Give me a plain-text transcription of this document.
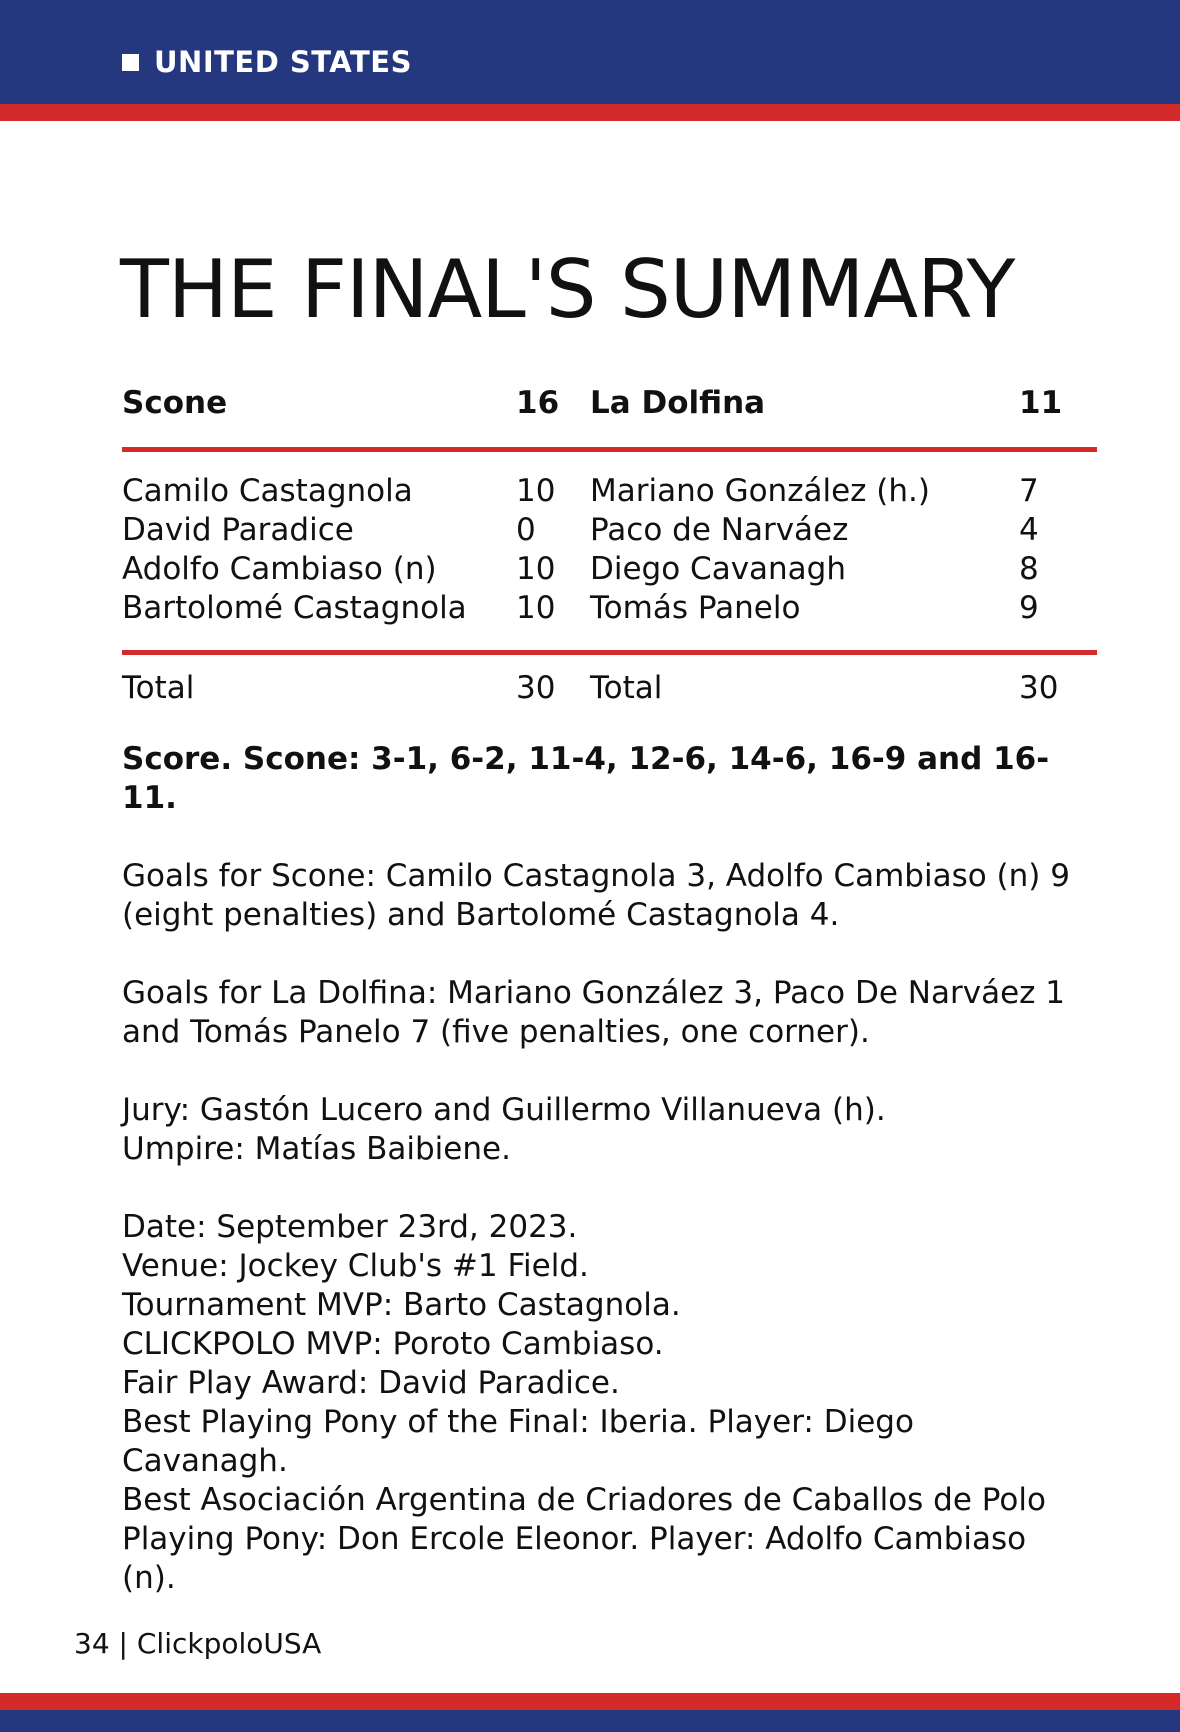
UNITED STATES
THE FINAL'S SUMMARY
Scone	16 La Dolfina	11
Camilo Castagnola	10 Mariano González (h.)	7
David Paradice	0 Paco de Narváez	4
Adolfo Cambiaso (n)	10 Diego Cavanagh	8
Bartolomé Castagnola 10 Tomás Panelo	9
Total	30 Total	30

Score. Scone: 3-1, 6-2, 11-4, 12-6, 14-6, 16-9 and 16-11.

Goals for Scone: Camilo Castagnola 3, Adolfo Cambiaso (n) 9 (eight penalties) and Bartolomé Castagnola 4.

Goals for La Dolfina: Mariano González 3, Paco De Narváez 1 and Tomás Panelo 7 (five penalties, one corner).

Jury: Gastón Lucero and Guillermo Villanueva (h).

Umpire: Matías Baibiene.

Date: September 23rd, 2023.

Venue: Jockey Club's #1 Field.

Tournament MVP: Barto Castagnola.

CLICKPOLO MVP: Poroto Cambiaso.

Fair Play Award: David Paradice.

Best Playing Pony of the Final: Iberia. Player: Diego Cavanagh.

Best Asociación Argentina de Criadores de Caballos de Polo Playing Pony: Don Ercole Eleonor. Player: Adolfo Cambiaso (n).

34 | ClickpoloUSA
